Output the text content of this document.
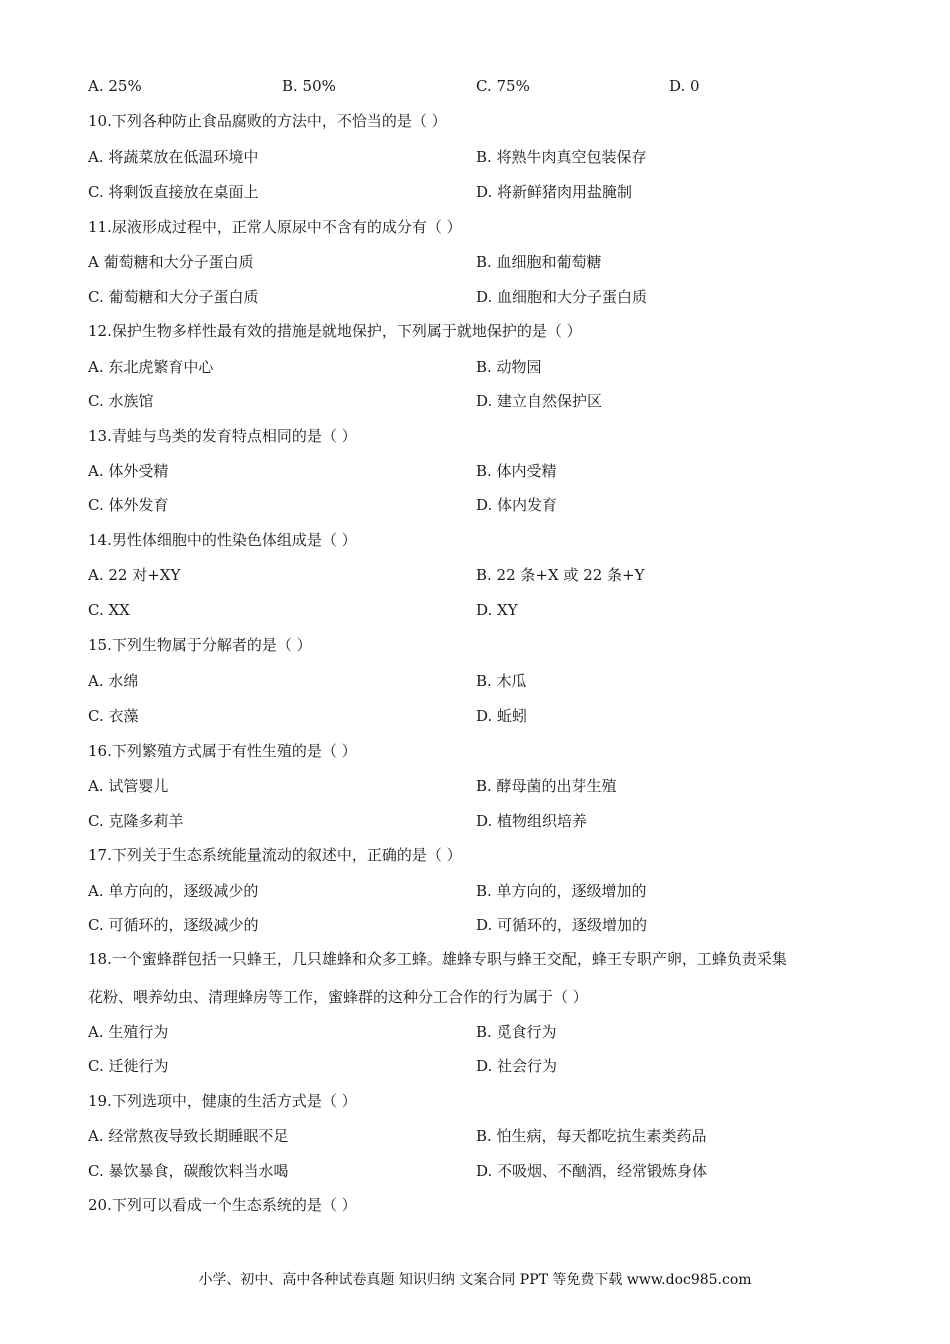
A. 25%	B. 50%	C. 75%	D. 0
10.下列各种防止食品腐败的方法中，不恰当的是（ ）
A. 将蔬菜放在低温环境中	B. 将熟牛肉真空包装保存
C. 将剩饭直接放在桌面上	D. 将新鲜猪肉用盐腌制
11.尿液形成过程中，正常人原尿中不含有的成分有（ ）
A 葡萄糖和大分子蛋白质	B. 血细胞和葡萄糖
C. 葡萄糖和大分子蛋白质	D. 血细胞和大分子蛋白质
12.保护生物多样性最有效的措施是就地保护，下列属于就地保护的是（ ）
A. 东北虎繁育中心	B. 动物园
C. 水族馆	D. 建立自然保护区
13.青蛙与鸟类的发育特点相同的是（ ）
A. 体外受精	B. 体内受精
C. 体外发育	D. 体内发育
14.男性体细胞中的性染色体组成是（ ）
A. 22 对+XY	B. 22 条+X 或 22 条+Y
C. XX	D. XY
15.下列生物属于分解者的是（ ）
A. 水绵	B. 木瓜
C. 衣藻	D. 蚯蚓
16.下列繁殖方式属于有性生殖的是（ ）
A. 试管婴儿	B. 酵母菌的出芽生殖
C. 克隆多莉羊	D. 植物组织培养
17.下列关于生态系统能量流动的叙述中，正确的是（ ）
A. 单方向的，逐级减少的	B. 单方向的，逐级增加的
C. 可循环的，逐级减少的	D. 可循环的，逐级增加的
18.一个蜜蜂群包括一只蜂王，几只雄蜂和众多工蜂。雄蜂专职与蜂王交配，蜂王专职产卵，工蜂负责采集
花粉、喂养幼虫、清理蜂房等工作，蜜蜂群的这种分工合作的行为属于（ ）
A. 生殖行为	B. 觅食行为
C. 迁徙行为	D. 社会行为
19.下列选项中，健康的生活方式是（ ）
A. 经常熬夜导致长期睡眠不足	B. 怕生病，每天都吃抗生素类药品
C. 暴饮暴食，碳酸饮料当水喝	D. 不吸烟、不酗酒，经常锻炼身体
20.下列可以看成一个生态系统的是（ ）
小学、初中、高中各种试卷真题 知识归纳 文案合同 PPT 等免费下载 www.doc985.com
